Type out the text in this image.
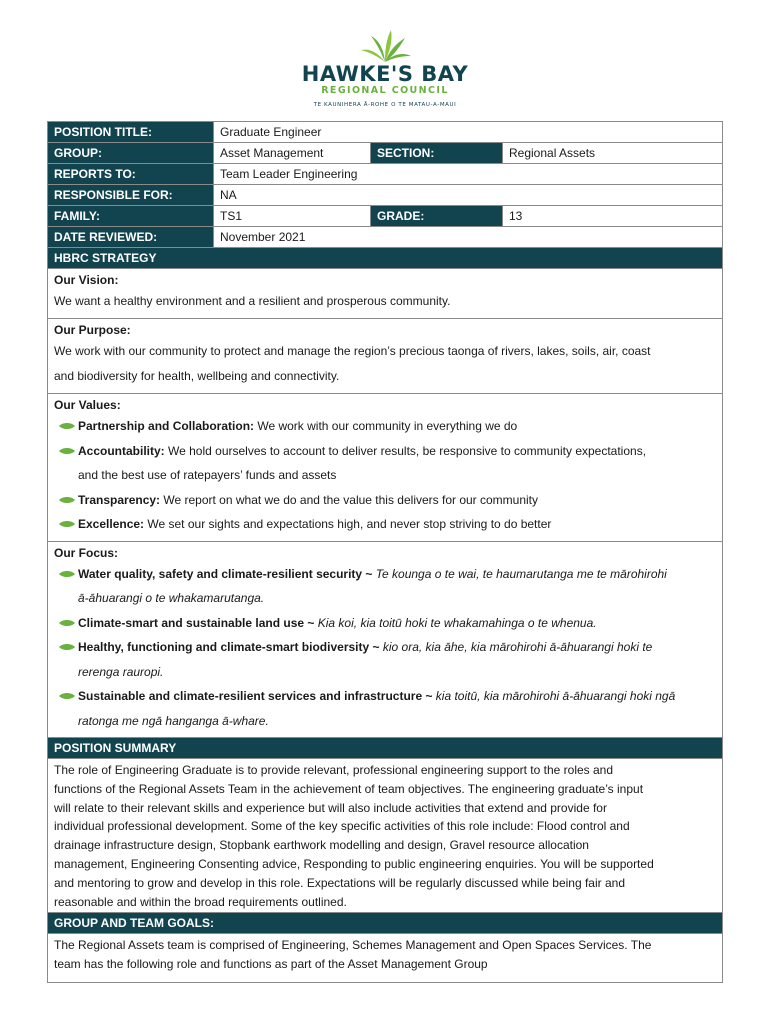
HAWKE'S BAY
REGIONAL COUNCIL
TE KAUNIHERA Ā-ROHE O TE MATAU-A-MAUI
POSITION TITLE:	Graduate Engineer
GROUP:	Asset Management	SECTION:	Regional Assets
REPORTS TO:	Team Leader Engineering
RESPONSIBLE FOR:	NA
FAMILY:	TS1	GRADE:	13
DATE REVIEWED:	November 2021
HBRC STRATEGY
Our Vision:
We want a healthy environment and a resilient and prosperous community.
Our Purpose:
We work with our community to protect and manage the region’s precious taonga of rivers, lakes, soils, air, coast
and biodiversity for health, wellbeing and connectivity.
Our Values:
Partnership and Collaboration: We work with our community in everything we do
Accountability: We hold ourselves to account to deliver results, be responsive to community expectations,
and the best use of ratepayers’ funds and assets
Transparency: We report on what we do and the value this delivers for our community
Excellence: We set our sights and expectations high, and never stop striving to do better
Our Focus:
Water quality, safety and climate-resilient security ~ Te kounga o te wai, te haumarutanga me te mārohirohi
ā-āhuarangi o te whakamarutanga.
Climate-smart and sustainable land use ~ Kia koi, kia toitū hoki te whakamahinga o te whenua.
Healthy, functioning and climate-smart biodiversity ~ kio ora, kia āhe, kia mārohirohi ā-āhuarangi hoki te
rerenga rauropi.
Sustainable and climate-resilient services and infrastructure ~ kia toitū, kia mārohirohi ā-āhuarangi hoki ngā
ratonga me ngā hanganga ā-whare.
POSITION SUMMARY
The role of Engineering Graduate is to provide relevant, professional engineering support to the roles and
functions of the Regional Assets Team in the achievement of team objectives. The engineering graduate’s input
will relate to their relevant skills and experience but will also include activities that extend and provide for
individual professional development. Some of the key specific activities of this role include: Flood control and
drainage infrastructure design, Stopbank earthwork modelling and design, Gravel resource allocation
management, Engineering Consenting advice, Responding to public engineering enquiries. You will be supported
and mentoring to grow and develop in this role. Expectations will be regularly discussed while being fair and
reasonable and within the broad requirements outlined.
GROUP AND TEAM GOALS:
The Regional Assets team is comprised of Engineering, Schemes Management and Open Spaces Services. The
team has the following role and functions as part of the Asset Management Group
